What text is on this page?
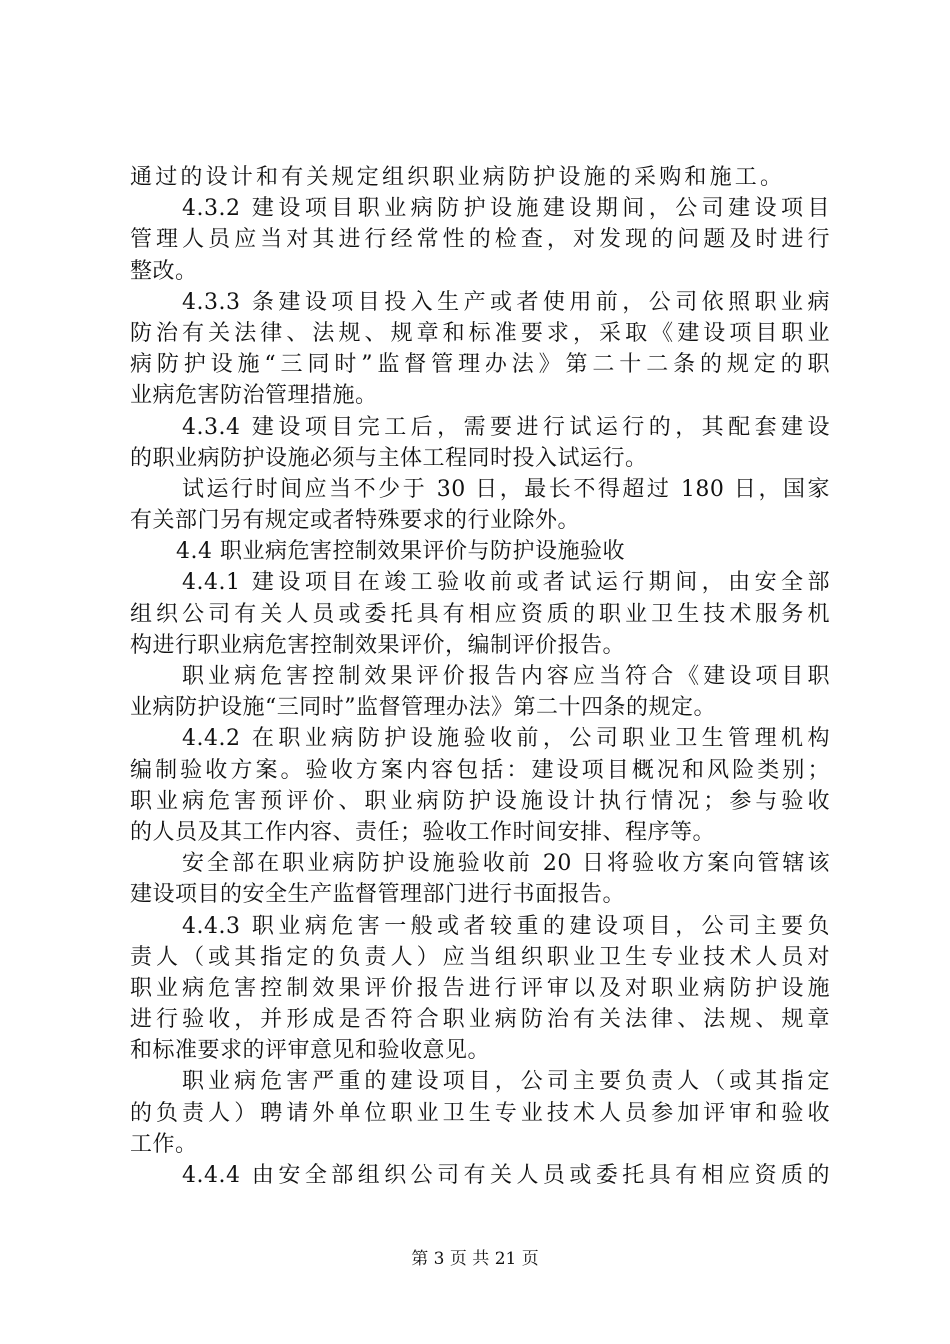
通过的设计和有关规定组织职业病防护设施的采购和施工。
4.3.2 建设项目职业病防护设施建设期间，公司建设项目
管理人员应当对其进行经常性的检查，对发现的问题及时进行
整改。
4.3.3 条建设项目投入生产或者使用前，公司依照职业病
防治有关法律、法规、规章和标准要求，采取《建设项目职业
病防护设施“三同时”监督管理办法》第二十二条的规定的职
业病危害防治管理措施。
4.3.4 建设项目完工后，需要进行试运行的，其配套建设
的职业病防护设施必须与主体工程同时投入试运行。
试运行时间应当不少于 30 日，最长不得超过 180 日，国家
有关部门另有规定或者特殊要求的行业除外。
4.4 职业病危害控制效果评价与防护设施验收
4.4.1 建设项目在竣工验收前或者试运行期间，由安全部
组织公司有关人员或委托具有相应资质的职业卫生技术服务机
构进行职业病危害控制效果评价，编制评价报告。
职业病危害控制效果评价报告内容应当符合《建设项目职
业病防护设施“三同时”监督管理办法》第二十四条的规定。
4.4.2 在职业病防护设施验收前，公司职业卫生管理机构
编制验收方案。验收方案内容包括：建设项目概况和风险类别；
职业病危害预评价、职业病防护设施设计执行情况；参与验收
的人员及其工作内容、责任；验收工作时间安排、程序等。
安全部在职业病防护设施验收前 20 日将验收方案向管辖该
建设项目的安全生产监督管理部门进行书面报告。
4.4.3 职业病危害一般或者较重的建设项目，公司主要负
责人（或其指定的负责人）应当组织职业卫生专业技术人员对
职业病危害控制效果评价报告进行评审以及对职业病防护设施
进行验收，并形成是否符合职业病防治有关法律、法规、规章
和标准要求的评审意见和验收意见。
职业病危害严重的建设项目，公司主要负责人（或其指定
的负责人）聘请外单位职业卫生专业技术人员参加评审和验收
工作。
4.4.4 由安全部组织公司有关人员或委托具有相应资质的
第 3 页 共 21 页
